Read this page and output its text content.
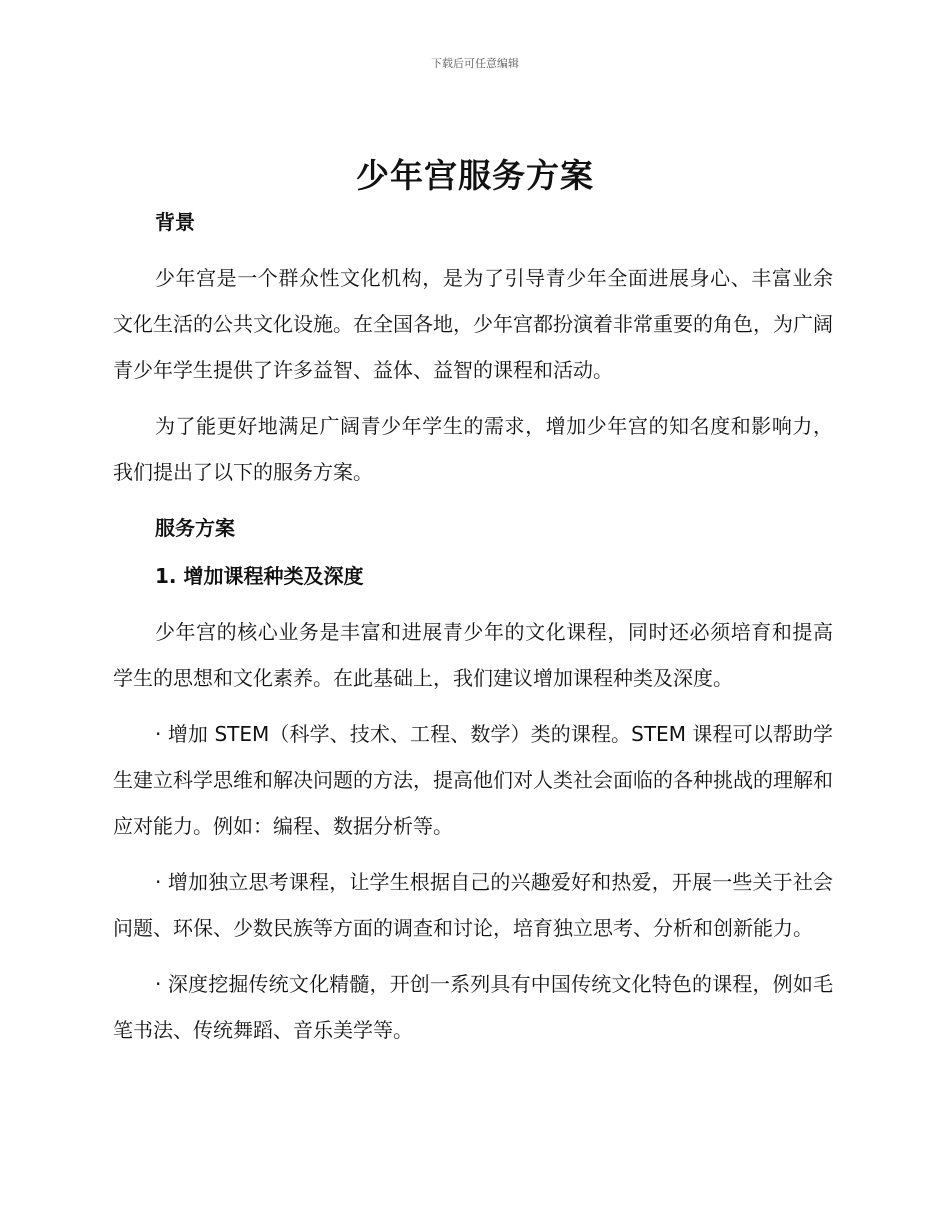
下载后可任意编辑
少年宫服务方案
背景

少年宫是一个群众性文化机构，是为了引导青少年全面进展身心、丰富业余文化生活的公共文化设施。在全国各地，少年宫都扮演着非常重要的角色，为广阔青少年学生提供了许多益智、益体、益智的课程和活动。

为了能更好地满足广阔青少年学生的需求，增加少年宫的知名度和影响力，我们提出了以下的服务方案。

服务方案
1. 增加课程种类及深度

少年宫的核心业务是丰富和进展青少年的文化课程，同时还必须培育和提高学生的思想和文化素养。在此基础上，我们建议增加课程种类及深度。

· 增加 STEM（科学、技术、工程、数学）类的课程。STEM 课程可以帮助学生建立科学思维和解决问题的方法，提高他们对人类社会面临的各种挑战的理解和应对能力。例如：编程、数据分析等。

· 增加独立思考课程，让学生根据自己的兴趣爱好和热爱，开展一些关于社会问题、环保、少数民族等方面的调查和讨论，培育独立思考、分析和创新能力。

· 深度挖掘传统文化精髓，开创一系列具有中国传统文化特色的课程，例如毛笔书法、传统舞蹈、音乐美学等。
